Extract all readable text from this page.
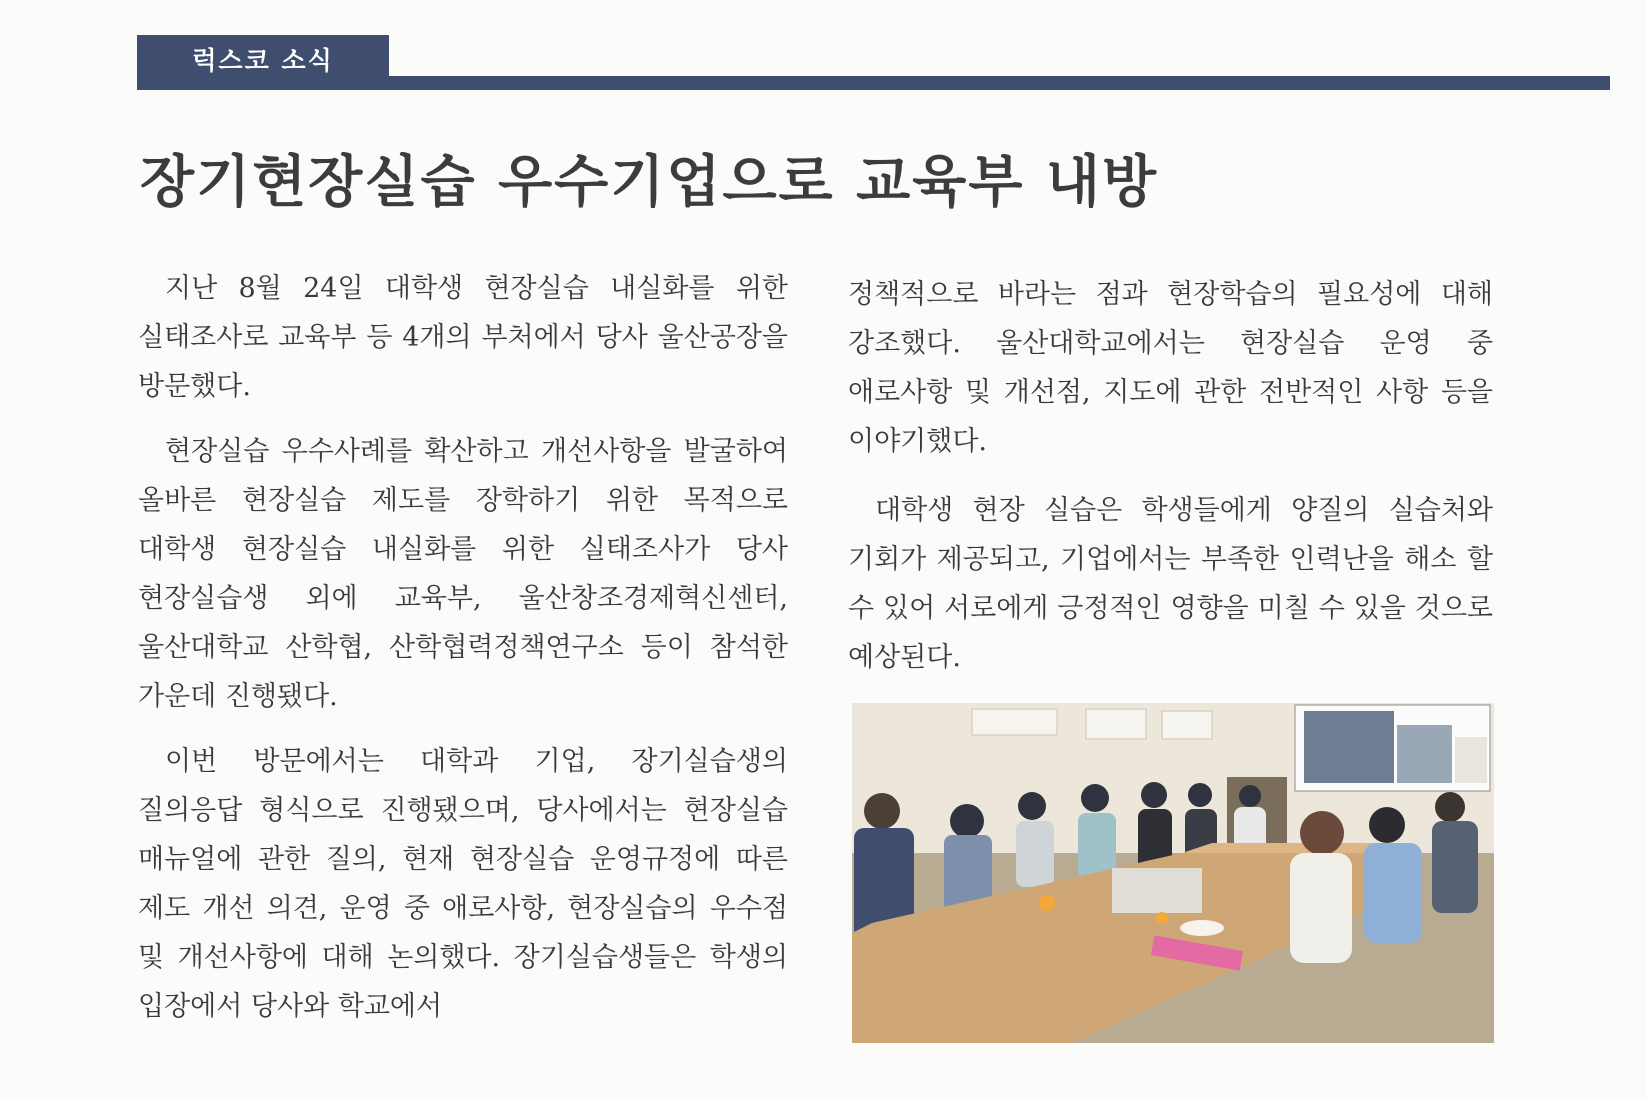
럭스코 소식
장기현장실습 우수기업으로 교육부 내방

지난 8월 24일 대학생 현장실습 내실화를 위한 실태조사로 교육부 등 4개의 부처에서 당사 울산공장을 방문했다.

현장실습 우수사례를 확산하고 개선사항을 발굴하여 올바른 현장실습 제도를 장학하기 위한 목적으로 대학생 현장실습 내실화를 위한 실태조사가 당사 현장실습생 외에 교육부, 울산창조경제혁신센터, 울산대학교 산학협, 산학협력정책연구소 등이 참석한 가운데 진행됐다.

이번 방문에서는 대학과 기업, 장기실습생의 질의응답 형식으로 진행됐으며, 당사에서는 현장실습 매뉴얼에 관한 질의, 현재 현장실습 운영규정에 따른 제도 개선 의견, 운영 중 애로사항, 현장실습의 우수점 및 개선사항에 대해 논의했다. 장기실습생들은 학생의 입장에서 당사와 학교에서

정책적으로 바라는 점과 현장학습의 필요성에 대해 강조했다. 울산대학교에서는 현장실습 운영 중 애로사항 및 개선점, 지도에 관한 전반적인 사항 등을 이야기했다.

대학생 현장 실습은 학생들에게 양질의 실습처와 기회가 제공되고, 기업에서는 부족한 인력난을 해소 할 수 있어 서로에게 긍정적인 영향을 미칠 수 있을 것으로 예상된다.
